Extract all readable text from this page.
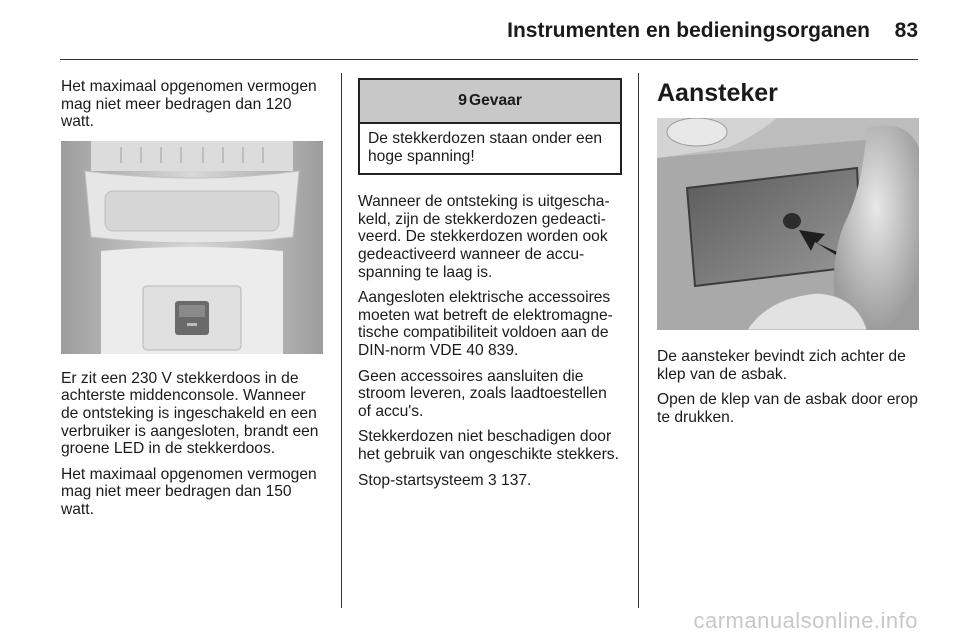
Instrumenten en bedieningsorganen 83

Het maximaal opgenomen vermogen mag niet meer bedragen dan 120 watt.

Er zit een 230 V stekkerdoos in de achterste middenconsole. Wanneer de ontsteking is ingeschakeld en een verbruiker is aangesloten, brandt een groene LED in de stekkerdoos.

Het maximaal opgenomen vermogen mag niet meer bedragen dan 150 watt.

9 Gevaar
De stekkerdozen staan onder een hoge spanning!

Wanneer de ontsteking is uitgescha-keld, zijn de stekkerdozen gedeacti-veerd. De stekkerdozen worden ook gedeactiveerd wanneer de accu-spanning te laag is.

Aangesloten elektrische accessoires moeten wat betreft de elektromagne-tische compatibiliteit voldoen aan de DIN-norm VDE 40 839.

Geen accessoires aansluiten die stroom leveren, zoals laadtoestellen of accu's.

Stekkerdozen niet beschadigen door het gebruik van ongeschikte stekkers.

Stop-startsysteem 3 137.

Aansteker

De aansteker bevindt zich achter de klep van de asbak.

Open de klep van de asbak door erop te drukken.

carmanualsonline.info
